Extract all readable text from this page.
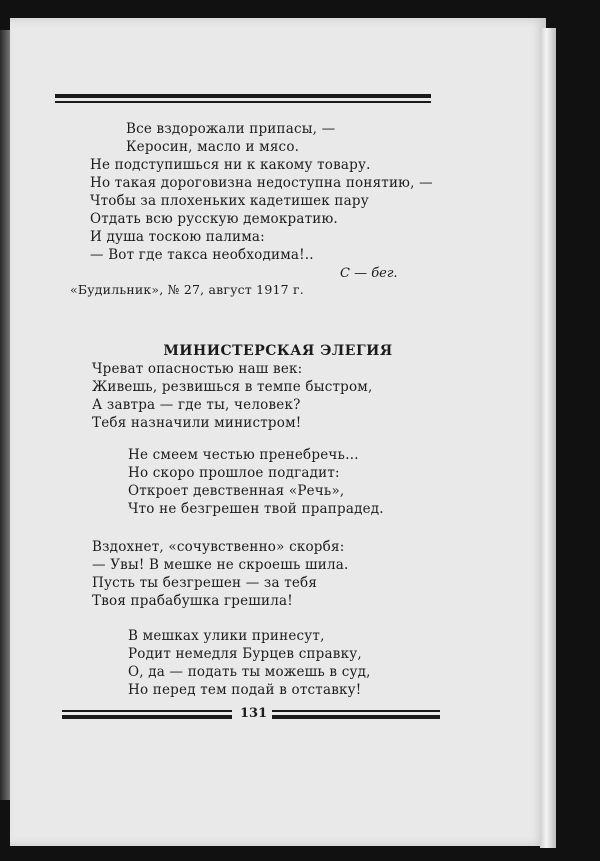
Все вздорожали припасы, —
Керосин, масло и мясо.
Не подступишься ни к какому товару.
Но такая дороговизна недоступна понятию, —
Чтобы за плохеньких кадетишек пару
Отдать всю русскую демократию.
И душа тоскою палима:
— Вот где такса необходима!..
С — бег.
«Будильник», № 27, август 1917 г.
МИНИСТЕРСКАЯ ЭЛЕГИЯ
Чреват опасностью наш век:
Живешь, резвишься в темпе быстром,
А завтра — где ты, человек?
Тебя назначили министром!
Не смеем честью пренебречь…
Но скоро прошлое подгадит:
Откроет девственная «Речь»,
Что не безгрешен твой прапрадед.
Вздохнет, «сочувственно» скорбя:
— Увы! В мешке не скроешь шила.
Пусть ты безгрешен — за тебя
Твоя прабабушка грешила!
В мешках улики принесут,
Родит немедля Бурцев справку,
О, да — подать ты можешь в суд,
Но перед тем подай в отставку!
131
